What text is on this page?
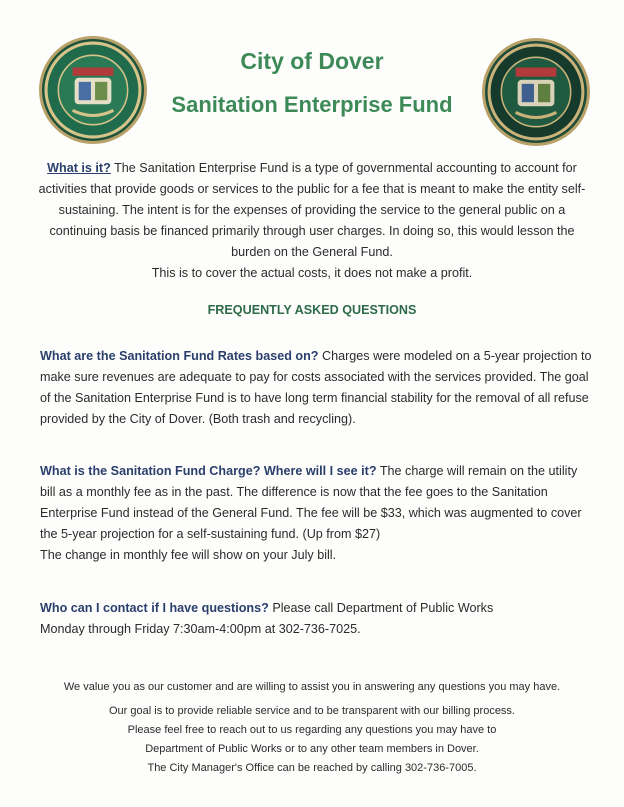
City of Dover
Sanitation Enterprise Fund
What is it? The Sanitation Enterprise Fund is a type of governmental accounting to account for activities that provide goods or services to the public for a fee that is meant to make the entity self-sustaining. The intent is for the expenses of providing the service to the general public on a continuing basis be financed primarily through user charges. In doing so, this would lesson the burden on the General Fund.
This is to cover the actual costs, it does not make a profit.
FREQUENTLY ASKED QUESTIONS
What are the Sanitation Fund Rates based on? Charges were modeled on a 5-year projection to make sure revenues are adequate to pay for costs associated with the services provided. The goal of the Sanitation Enterprise Fund is to have long term financial stability for the removal of all refuse provided by the City of Dover. (Both trash and recycling).
What is the Sanitation Fund Charge? Where will I see it? The charge will remain on the utility bill as a monthly fee as in the past. The difference is now that the fee goes to the Sanitation Enterprise Fund instead of the General Fund. The fee will be $33, which was augmented to cover the 5-year projection for a self-sustaining fund. (Up from $27)
The change in monthly fee will show on your July bill.
Who can I contact if I have questions? Please call Department of Public Works
Monday through Friday 7:30am-4:00pm at 302-736-7025.
We value you as our customer and are willing to assist you in answering any questions you may have.
Our goal is to provide reliable service and to be transparent with our billing process.
Please feel free to reach out to us regarding any questions you may have to
Department of Public Works or to any other team members in Dover.
The City Manager's Office can be reached by calling 302-736-7005.
